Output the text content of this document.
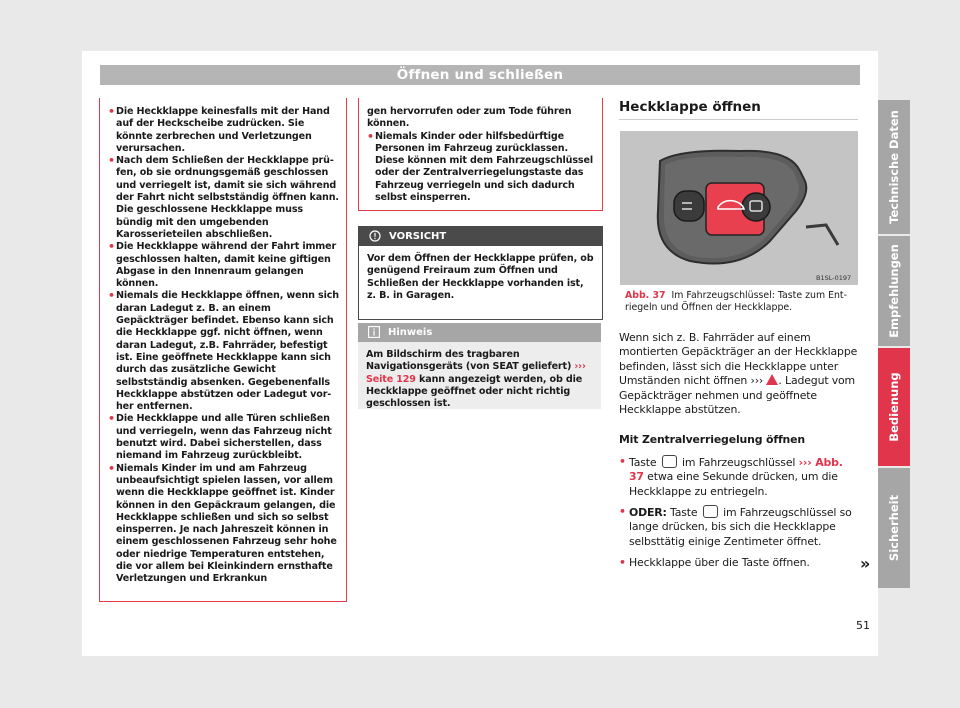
Öffnen und schließen

• Die Heckklappe keinesfalls mit der Hand auf der Heckscheibe zudrücken. Sie könnte zerbrechen und Verletzungen verursachen.

• Nach dem Schließen der Heckklappe prüfen, ob sie ordnungsgemäß geschlossen und verriegelt ist, damit sie sich während der Fahrt nicht selbstständig öffnen kann. Die geschlossene Heckklappe muss bündig mit den umgebenden Karosserieteilen abschließen.

• Die Heckklappe während der Fahrt immer geschlossen halten, damit keine giftigen Abgase in den Innenraum gelangen können.

• Niemals die Heckklappe öffnen, wenn sich daran Ladegut z. B. an einem Gepäckträger befindet. Ebenso kann sich die Heckklappe ggf. nicht öffnen, wenn daran Ladegut, z.B. Fahrräder, befestigt ist. Eine geöffnete Heckklappe kann sich durch das zusätzliche Gewicht selbstständig absenken. Gegebenenfalls Heckklappe abstützen oder Ladegut vorher entfernen.

• Die Heckklappe und alle Türen schließen und verriegeln, wenn das Fahrzeug nicht benutzt wird. Dabei sicherstellen, dass niemand im Fahrzeug zurückbleibt.

• Niemals Kinder im und am Fahrzeug unbeaufsichtigt spielen lassen, vor allem wenn die Heckklappe geöffnet ist. Kinder können in den Gepäckraum gelangen, die Heckklappe schließen und sich so selbst einsperren. Je nach Jahreszeit können in einem geschlossenen Fahrzeug sehr hohe oder niedrige Temperaturen entstehen, die vor allem bei Kleinkindern ernsthafte Verletzungen und Erkrankun

gen hervorrufen oder zum Tode führen können.

• Niemals Kinder oder hilfsbedürftige Personen im Fahrzeug zurücklassen. Diese können mit dem Fahrzeugschlüssel oder der Zentralverriegelungstaste das Fahrzeug verriegeln und sich dadurch selbst einsperren.

VORSICHT
Vor dem Öffnen der Heckklappe prüfen, ob genügend Freiraum zum Öffnen und Schließen der Heckklappe vorhanden ist, z. B. in Garagen.
Hinweis
Am Bildschirm des tragbaren Navigationsgeräts (von SEAT geliefert) ››› Seite 129 kann angezeigt werden, ob die Heckklappe geöffnet oder nicht richtig geschlossen ist.
Heckklappe öffnen
B1SL-0197
Abb. 37 Im Fahrzeugschlüssel: Taste zum Entriegeln und Öffnen der Heckklappe.
Wenn sich z. B. Fahrräder auf einem montierten Gepäckträger an der Heckklappe befinden, lässt sich die Heckklappe unter Umständen nicht öffnen ››› . Ladegut vom Gepäckträger nehmen und geöffnete Heckklappe abstützen.
Mit Zentralverriegelung öffnen
• Taste  im Fahrzeugschlüssel ››› Abb. 37 etwa eine Sekunde drücken, um die Heckklappe zu entriegeln.
• ODER: Taste  im Fahrzeugschlüssel so lange drücken, bis sich die Heckklappe selbsttätig einige Zentimeter öffnet.
• Heckklappe über die Taste öffnen.	»
Technische Daten
Empfehlungen
Bedienung
Sicherheit
51
